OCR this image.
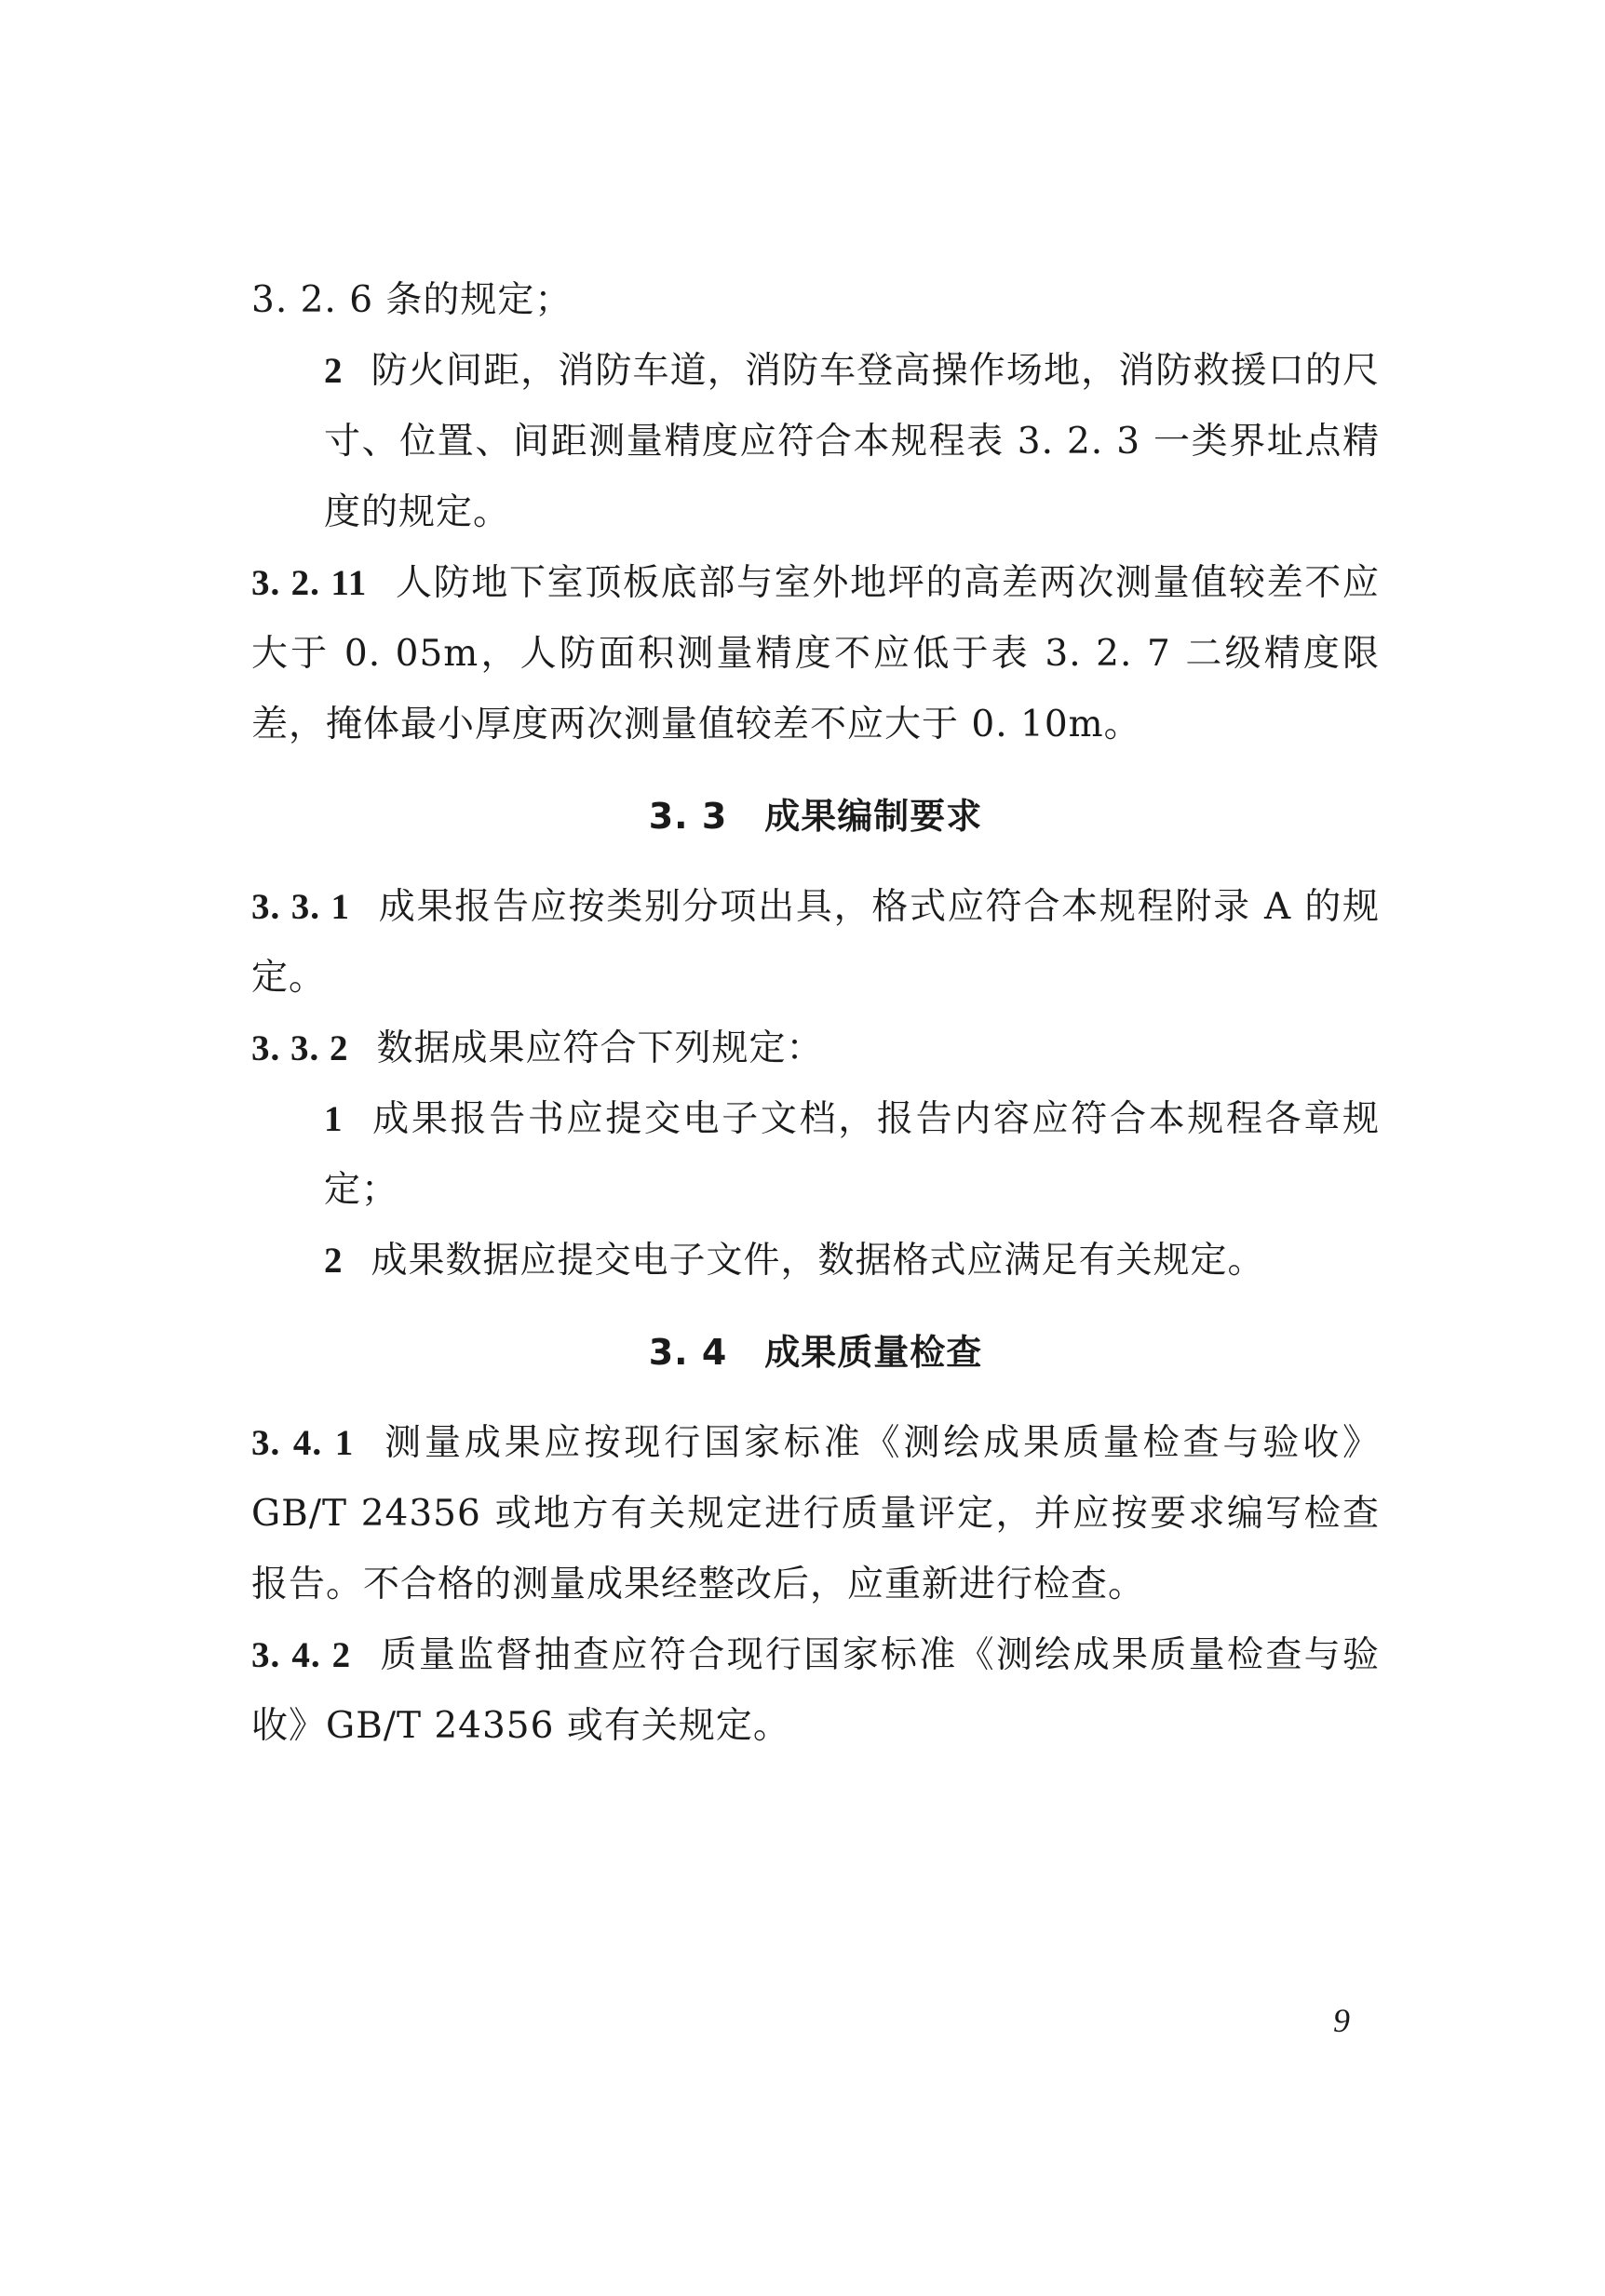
3. 2. 6 条的规定；

2 防火间距，消防车道，消防车登高操作场地，消防救援口的尺寸、位置、间距测量精度应符合本规程表 3. 2. 3 一类界址点精度的规定。

3. 2. 11 人防地下室顶板底部与室外地坪的高差两次测量值较差不应大于 0. 05m，人防面积测量精度不应低于表 3. 2. 7 二级精度限差，掩体最小厚度两次测量值较差不应大于 0. 10m。

3. 3 成果编制要求

3. 3. 1 成果报告应按类别分项出具，格式应符合本规程附录 A 的规定。

3. 3. 2 数据成果应符合下列规定：

1 成果报告书应提交电子文档，报告内容应符合本规程各章规定；

2 成果数据应提交电子文件，数据格式应满足有关规定。

3. 4 成果质量检查

3. 4. 1 测量成果应按现行国家标准《测绘成果质量检查与验收》GB/T 24356 或地方有关规定进行质量评定，并应按要求编写检查报告。不合格的测量成果经整改后，应重新进行检查。

3. 4. 2 质量监督抽查应符合现行国家标准《测绘成果质量检查与验收》GB/T 24356 或有关规定。

9
